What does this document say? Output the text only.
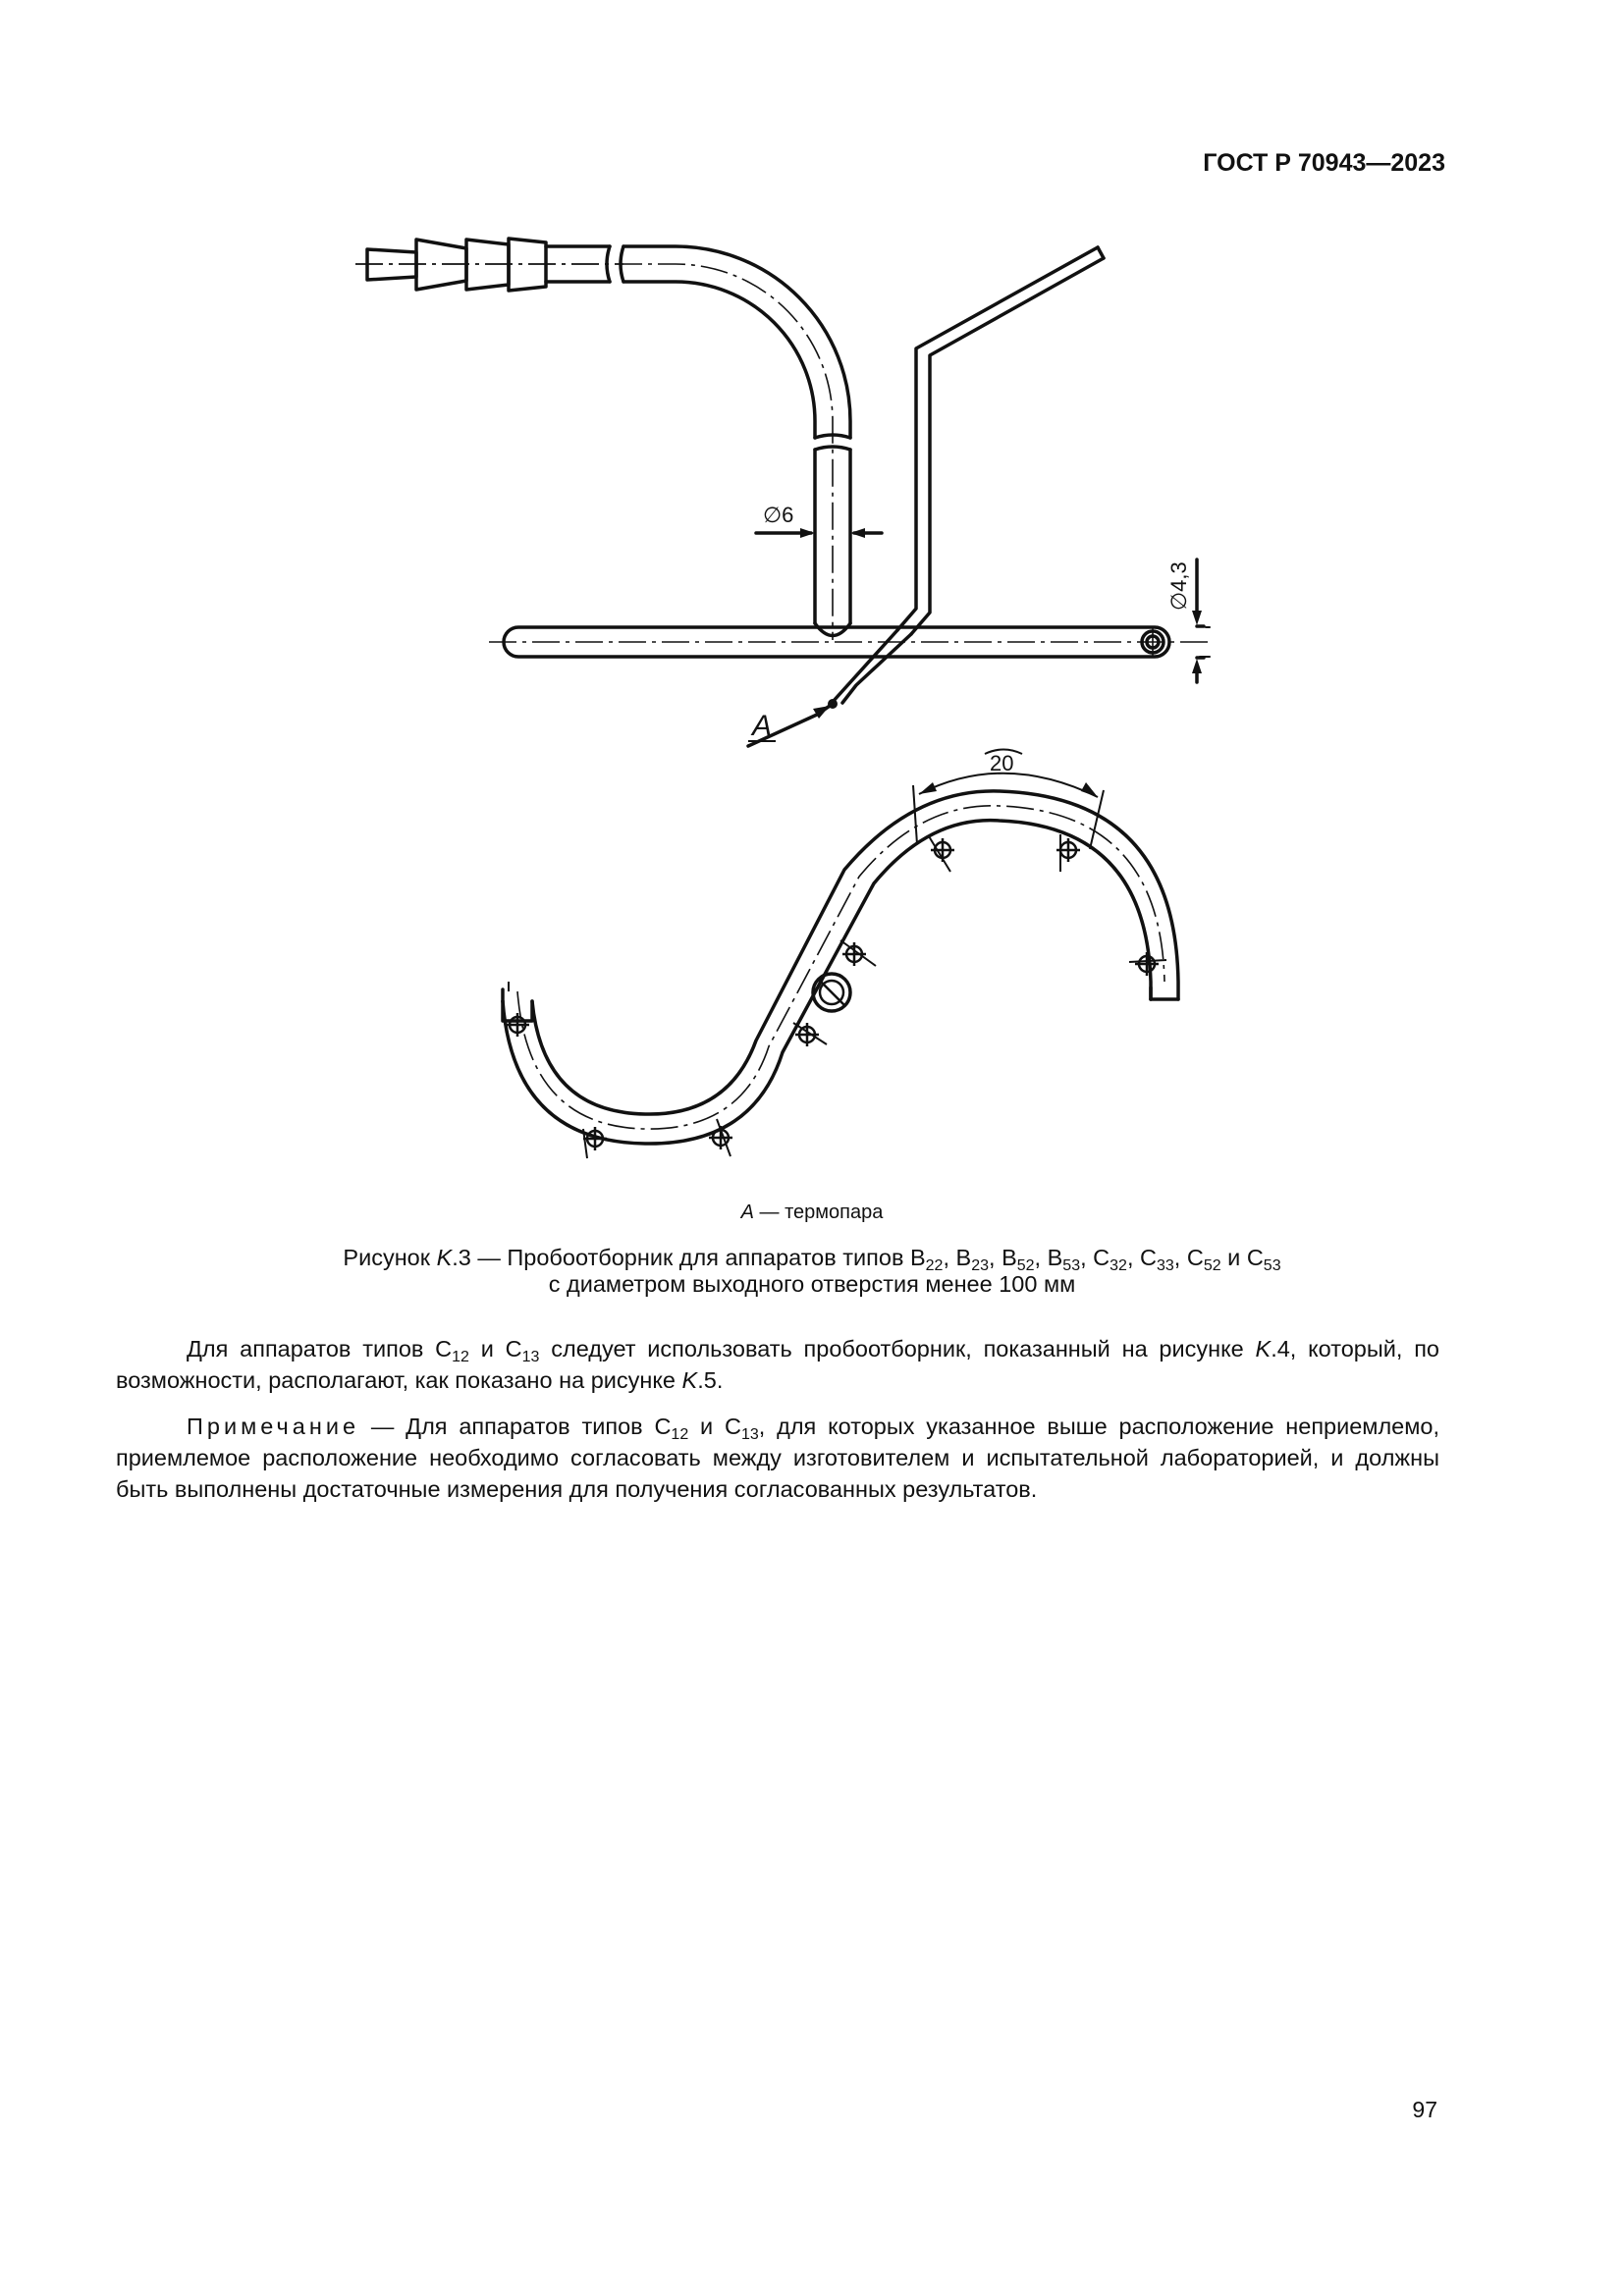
ГОСТ Р 70943—2023
∅6
∅4,3
A
20
A — термопара
Рисунок K.3 — Пробоотборник для аппаратов типов $B_{22}$, $B_{23}$, $B_{52}$, $B_{53}$, $C_{32}$, $C_{33}$, $C_{52}$ и $C_{53}$
с диаметром выходного отверстия менее 100 мм
Для аппаратов типов $C_{12}$ и $C_{13}$ следует использовать пробоотборник, показанный на рисунке K.4, который, по возможности, располагают, как показано на рисунке K.5.
Примечание — Для аппаратов типов $C_{12}$ и $C_{13}$, для которых указанное выше расположение неприемлемо, приемлемое расположение необходимо согласовать между изготовителем и испытательной лабораторией, и должны быть выполнены достаточные измерения для получения согласованных результатов.
97
